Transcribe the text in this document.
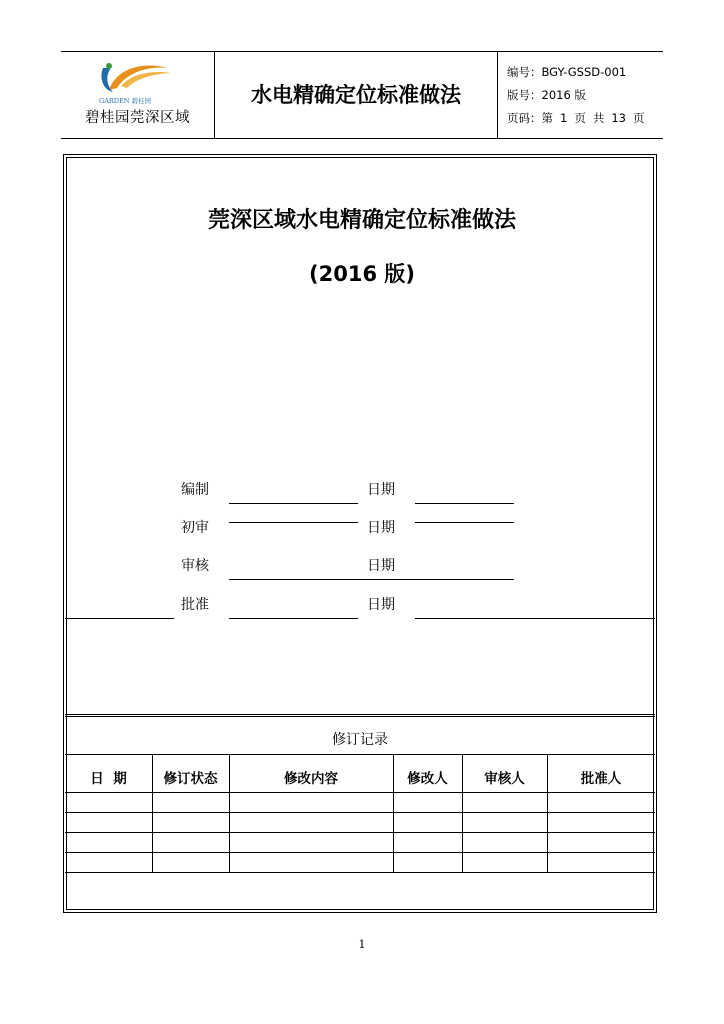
GARDEN 碧桂园
碧桂园莞深区域
水电精确定位标准做法
编号：BGY-GSSD-001
版号：2016 版
页码：第 1 页 共 13 页
莞深区域水电精确定位标准做法
(2016 版)
编制	日期
初审	日期
审核	日期
批准	日期
修订记录
日  期	修订状态	修改内容	修改人	审核人	批准人
1
